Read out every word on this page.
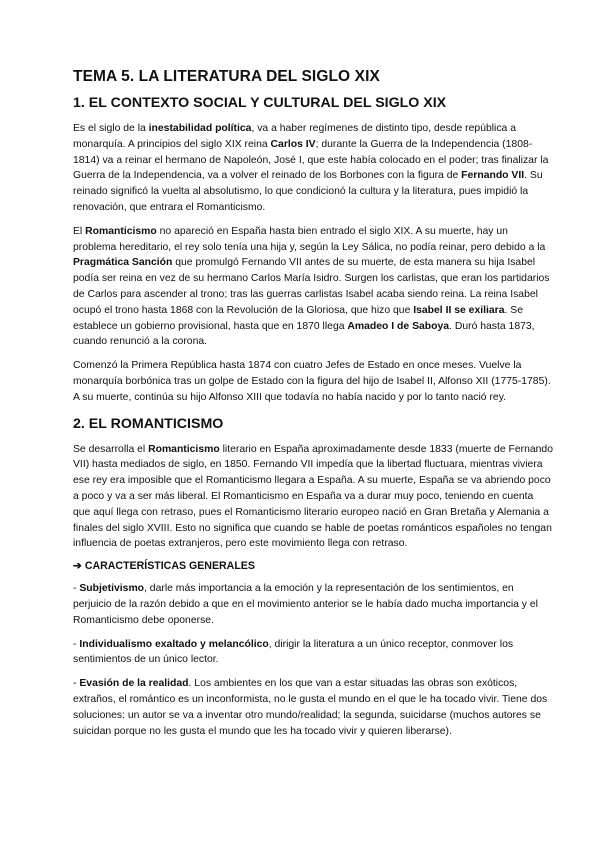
TEMA 5. LA LITERATURA DEL SIGLO XIX
1. EL CONTEXTO SOCIAL Y CULTURAL DEL SIGLO XIX

Es el siglo de la inestabilidad política, va a haber regímenes de distinto tipo, desde república a monarquía. A principios del siglo XIX reina Carlos IV; durante la Guerra de la Independencia (1808-1814) va a reinar el hermano de Napoleón, José I, que este había colocado en el poder; tras finalizar la Guerra de la Independencia, va a volver el reinado de los Borbones con la figura de Fernando VII. Su reinado significó la vuelta al absolutismo, lo que condicionó la cultura y la literatura, pues impidió la renovación, que entrara el Romanticismo.

El Romanticismo no apareció en España hasta bien entrado el siglo XIX. A su muerte, hay un problema hereditario, el rey solo tenía una hija y, según la Ley Sálica, no podía reinar, pero debido a la Pragmática Sanción que promulgó Fernando VII antes de su muerte, de esta manera su hija Isabel podía ser reina en vez de su hermano Carlos María Isidro. Surgen los carlistas, que eran los partidarios de Carlos para ascender al trono; tras las guerras carlistas Isabel acaba siendo reina. La reina Isabel ocupó el trono hasta 1868 con la Revolución de la Gloriosa, que hizo que Isabel II se exiliara. Se establece un gobierno provisional, hasta que en 1870 llega Amadeo I de Saboya. Duró hasta 1873, cuando renunció a la corona.

Comenzó la Primera República hasta 1874 con cuatro Jefes de Estado en once meses. Vuelve la monarquía borbónica tras un golpe de Estado con la figura del hijo de Isabel II, Alfonso XII (1775-1785). A su muerte, continúa su hijo Alfonso XIII que todavía no había nacido y por lo tanto nació rey.

2. EL ROMANTICISMO

Se desarrolla el Romanticismo literario en España aproximadamente desde 1833 (muerte de Fernando VII) hasta mediados de siglo, en 1850. Fernando VII impedía que la libertad fluctuara, mientras viviera ese rey era imposible que el Romanticismo llegara a España. A su muerte, España se va abriendo poco a poco y va a ser más liberal. El Romanticismo en España va a durar muy poco, teniendo en cuenta que aquí llega con retraso, pues el Romanticismo literario europeo nació en Gran Bretaña y Alemania a finales del siglo XVIII. Esto no significa que cuando se hable de poetas románticos españoles no tengan influencia de poetas extranjeros, pero este movimiento llega con retraso.

➔ CARACTERÍSTICAS GENERALES

- Subjetivismo, darle más importancia a la emoción y la representación de los sentimientos, en perjuicio de la razón debido a que en el movimiento anterior se le había dado mucha importancia y el Romanticismo debe oponerse.

- Individualismo exaltado y melancólico, dirigir la literatura a un único receptor, conmover los sentimientos de un único lector.

- Evasión de la realidad. Los ambientes en los que van a estar situadas las obras son exóticos, extraños, el romántico es un inconformista, no le gusta el mundo en el que le ha tocado vivir. Tiene dos soluciones: un autor se va a inventar otro mundo/realidad; la segunda, suicidarse (muchos autores se suicidan porque no les gusta el mundo que les ha tocado vivir y quieren liberarse).
